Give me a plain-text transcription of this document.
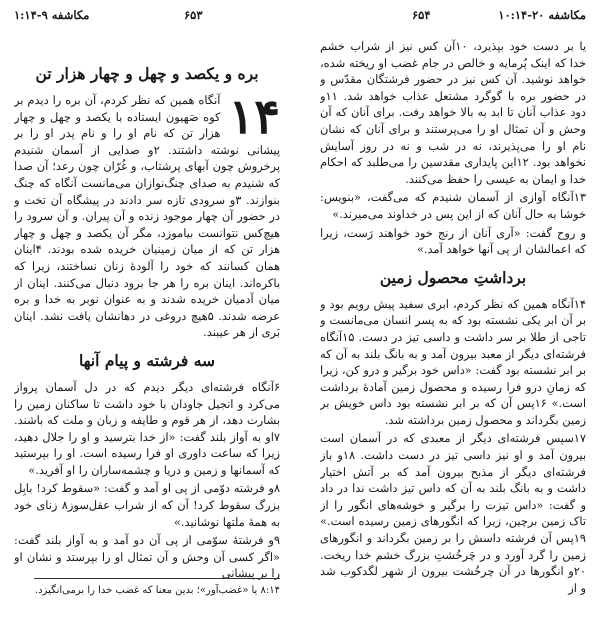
مکاشفه ۹-۱:۱۴	۶۵۳	۶۵۴	مکاشفه ۲۰-۱۰:۱۴
بره و یکصد و چهل و چهار هزار تن
۱۴

آنگاه همین که نظر کردم، آن بره را دیدم بر کوه صَهیون ایستاده با یکصد و چهل و چهار هزار تن که نام او را و نام پدر او را بر پیشانی نوشته داشتند. ۲و صدایی از آسمان شنیدم پرخروش چون آبهای پرشتاب، و غُرّان چون رعد؛ آن صدا که شنیدم به صدای چنگ‌نوازان می‌مانست آنگاه که چنگ بنوازند. ۳و سرودی تازه سر دادند در پیشگاه آن تخت و در حضور آن چهار موجود زنده و آن پیران. و آن سرود را هیچ‌کس نتوانست بیاموزد، مگر آن یکصد و چهل و چهار هزار تن که از میان زمینیان خریده شده بودند. ۴اینان همان کسانند که خود را آلودهٔ زنان نساختند، زیرا که باکره‌اند. اینان بره را هر جا برود دنبال می‌کنند. اینان از میان آدمیان خریده شدند و به عنوان نوبر به خدا و بره عرضه شدند. ۵هیچ دروغی در دهانشان یافت نشد. اینان بَری از هر عیبند.

سه فرشته و پیام آنها

۶آنگاه فرشته‌ای دیگر دیدم که در دل آسمان پرواز می‌کرد و انجیل جاودان با خود داشت تا ساکنان زمین را بشارت دهد، از هر قوم و طایفه و زبان و ملت که باشند. ۷او به آواز بلند گفت: «از خدا بترسید و او را جلال دهید، زیرا که ساعت داوری او فرا رسیده است. او را بپرستید که آسمانها و زمین و دریا و چشمه‌ساران را او آفرید.»

۸و فرشته دوّمی از پی او آمد و گفت: «سقوط کرد! بابِل بزرگ سقوط کرد! آن که از شراب عقل‌سوز۸ زنای خود به همهٔ ملتها نوشانید.»

۹و فرشتهٔ سوّمی از پی آن دو آمد و به آواز بلند گفت: «اگر کسی آن وحش و آن تمثال او را بپرستد و نشان او را بر پیشانی

۸:۱۴ یا «غضب‌آور»؛ بدین معنا که غضب خدا را برمی‌انگیزد.

یا بر دست خود بپذیرد، ۱۰آن کس نیز از شراب خشم خدا که اینک پُرمایه و خالص در جام غضب او ریخته شده، خواهد نوشید. آن کس نیز در حضور فرشتگان مقدّس و در حضور بره با گوگرد مشتعل عذاب خواهد شد. ۱۱و دود عذاب آنان تا ابد به بالا خواهد رفت. برای آنان که آن وحش و آن تمثال او را می‌پرستند و برای آنان که نشان نام او را می‌پذیرند، نه در شب و نه در روز آسایش نخواهد بود. ۱۲این پایداری مقدسین را می‌طلبد که احکام خدا و ایمان به عیسی را حفظ می‌کنند.

۱۳آنگاه آوازی از آسمان شنیدم که می‌گفت، «بنویس: خوشا به حال آنان که از این پس در خداوند می‌میرند.»

و روح گفت: «آری آنان از رنج خود خواهند رَست، زیرا که اعمالشان از پی آنها خواهد آمد.»

برداشتِ محصول زمین

۱۴آنگاه همین که نظر کردم، ابری سفید پیش رویم بود و بر آن ابر یکی نشسته بود که به پسر انسان می‌مانست و تاجی از طلا بر سر داشت و داسی تیز در دست. ۱۵آنگاه فرشته‌ای دیگر از معبد بیرون آمد و به بانگ بلند به آن که بر ابر نشسته بود گفت: «داس خود برگیر و درو کن، زیرا که زمانِ درو فرا رسیده و محصول زمین آمادهٔ برداشت است.» ۱۶پس آن که بر ابر نشسته بود داس خویش بر زمین بگرداند و محصول زمین برداشته شد.

۱۷سپس فرشته‌ای دیگر از معبدی که در آسمان است بیرون آمد و او نیز داسی تیز در دست داشت. ۱۸و باز فرشته‌ای دیگر از مذبح بیرون آمد که بر آتش اختیار داشت و به بانگ بلند به آن که داس تیز داشت ندا در داد و گفت: «داس تیزت را برگیر و خوشه‌های انگور را از تاک زمین برچین، زیرا که انگورهای زمین رسیده است.» ۱۹پس آن فرشته داسش را بر زمین بگرداند و انگورهای زمین را گرد آورد و در چَرخُشتِ بزرگ خشم خدا ریخت. ۲۰و انگورها در آن چرخُشت بیرون از شهر لگدکوب شد و از
